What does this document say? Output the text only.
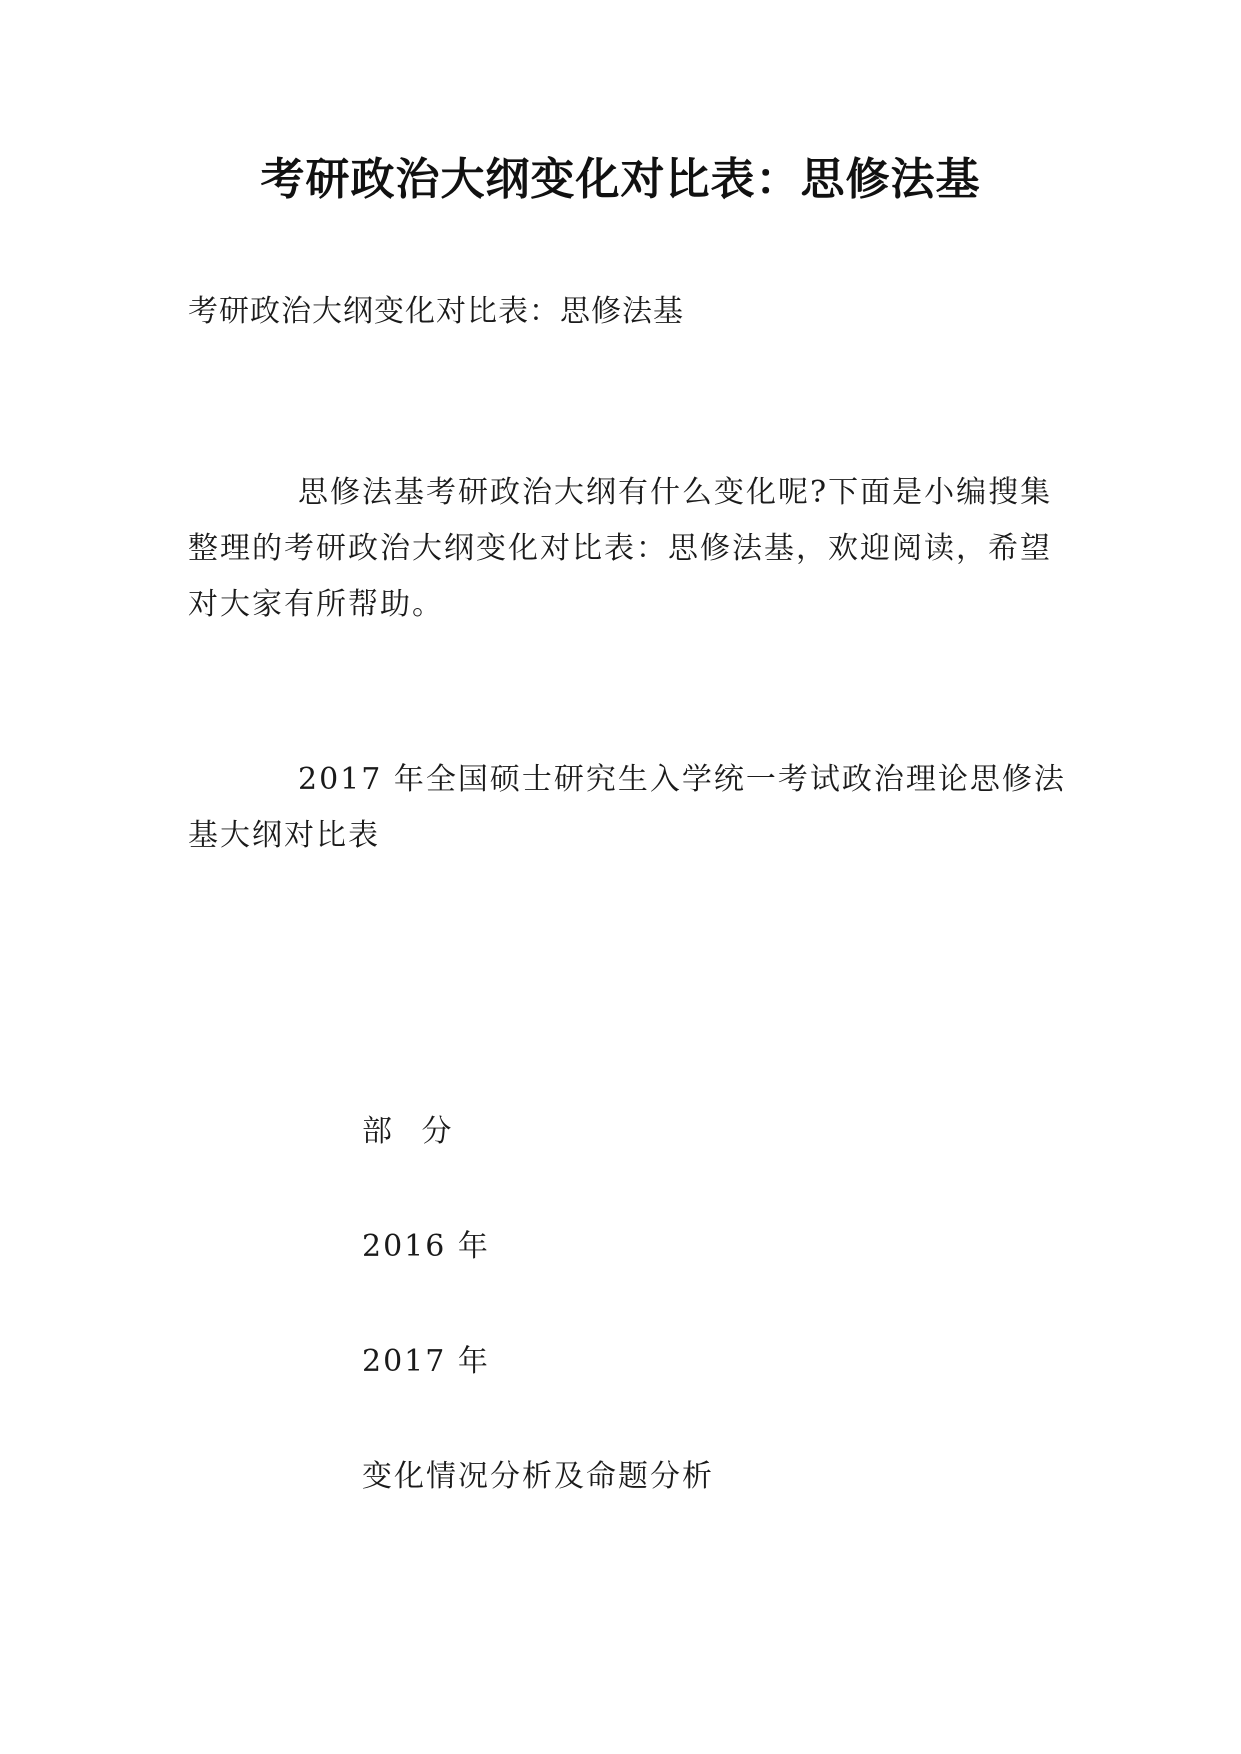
考研政治大纲变化对比表：思修法基
考研政治大纲变化对比表：思修法基

思修法基考研政治大纲有什么变化呢?下面是小编搜集整理的考研政治大纲变化对比表：思修法基，欢迎阅读，希望对大家有所帮助。

2017 年全国硕士研究生入学统一考试政治理论思修法基大纲对比表

部 分
2016 年
2017 年
变化情况分析及命题分析
